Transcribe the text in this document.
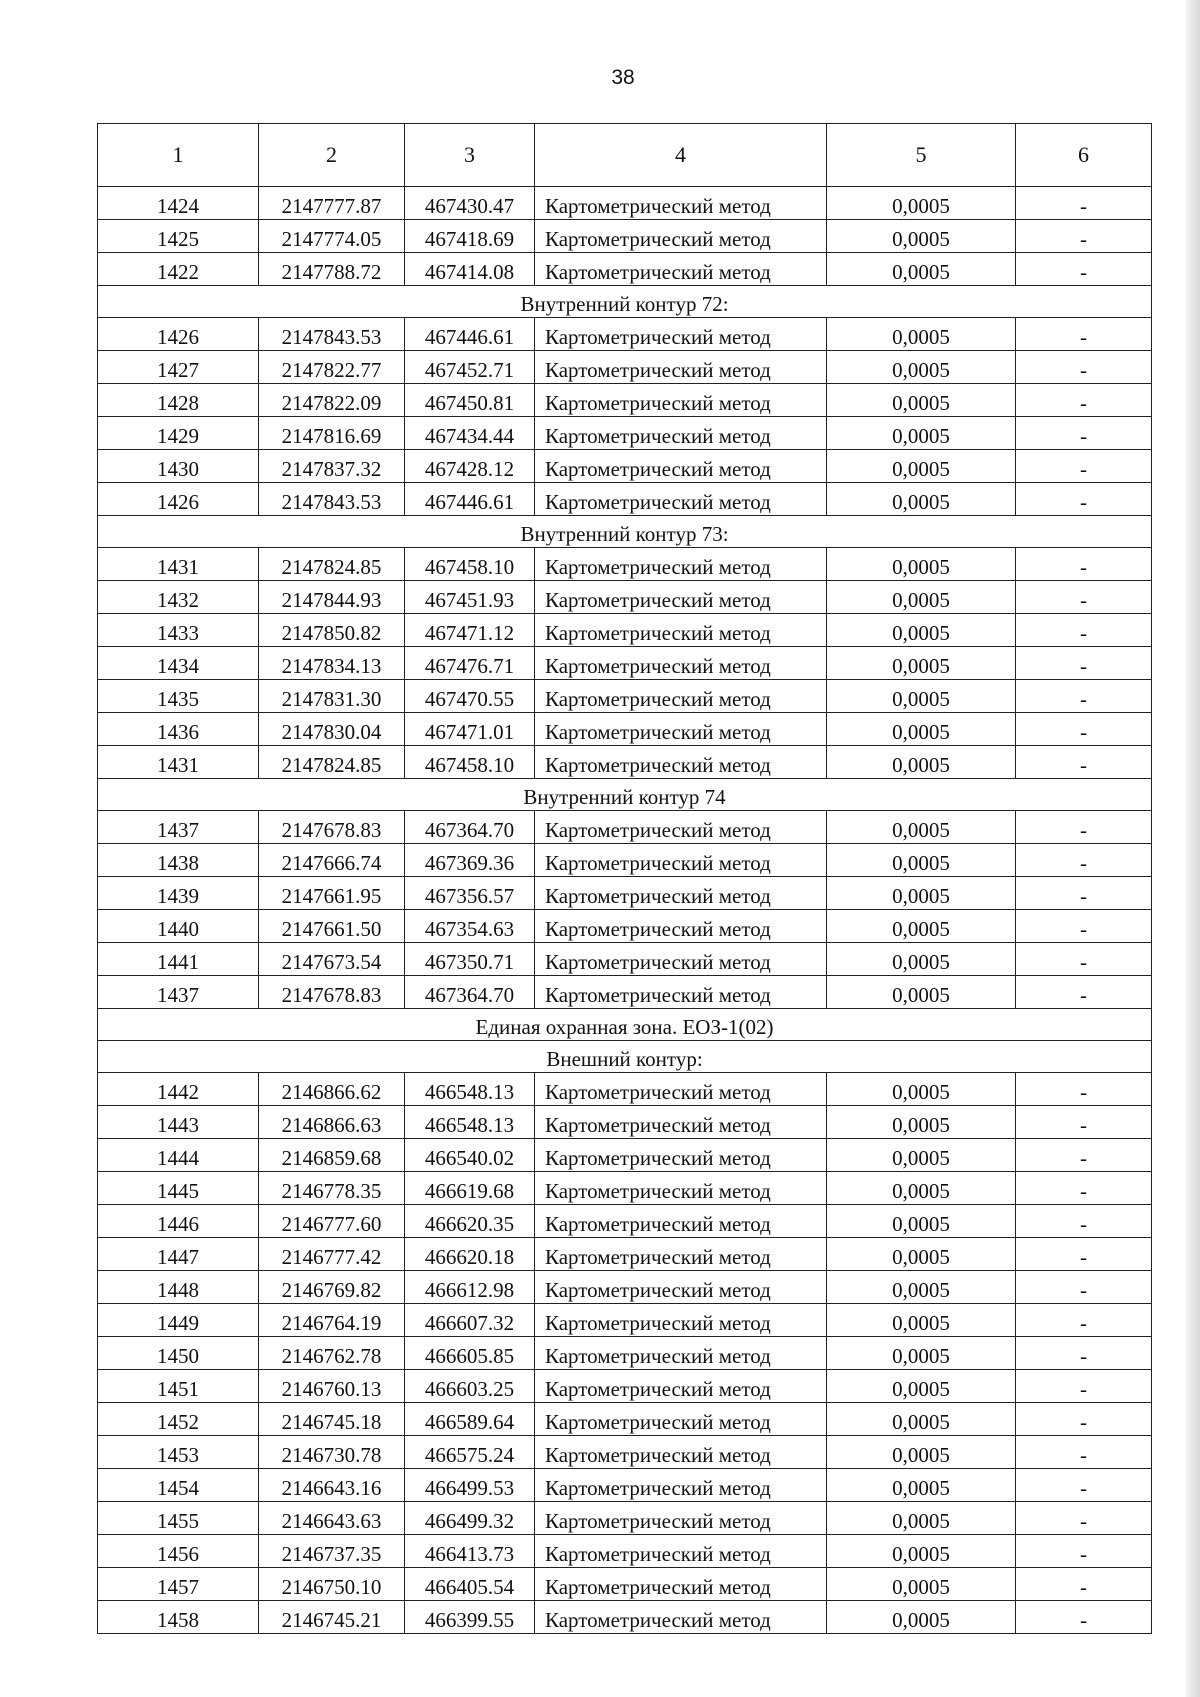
38
1	2	3	4	5	6
1424	2147777.87	467430.47	Картометрический метод	0,0005	-
1425	2147774.05	467418.69	Картометрический метод	0,0005	-
1422	2147788.72	467414.08	Картометрический метод	0,0005	-
Внутренний контур 72:					
1426	2147843.53	467446.61	Картометрический метод	0,0005	-
1427	2147822.77	467452.71	Картометрический метод	0,0005	-
1428	2147822.09	467450.81	Картометрический метод	0,0005	-
1429	2147816.69	467434.44	Картометрический метод	0,0005	-
1430	2147837.32	467428.12	Картометрический метод	0,0005	-
1426	2147843.53	467446.61	Картометрический метод	0,0005	-
Внутренний контур 73:					
1431	2147824.85	467458.10	Картометрический метод	0,0005	-
1432	2147844.93	467451.93	Картометрический метод	0,0005	-
1433	2147850.82	467471.12	Картометрический метод	0,0005	-
1434	2147834.13	467476.71	Картометрический метод	0,0005	-
1435	2147831.30	467470.55	Картометрический метод	0,0005	-
1436	2147830.04	467471.01	Картометрический метод	0,0005	-
1431	2147824.85	467458.10	Картометрический метод	0,0005	-
Внутренний контур 74					
1437	2147678.83	467364.70	Картометрический метод	0,0005	-
1438	2147666.74	467369.36	Картометрический метод	0,0005	-
1439	2147661.95	467356.57	Картометрический метод	0,0005	-
1440	2147661.50	467354.63	Картометрический метод	0,0005	-
1441	2147673.54	467350.71	Картометрический метод	0,0005	-
1437	2147678.83	467364.70	Картометрический метод	0,0005	-
Единая охранная зона. ЕОЗ-1(02)					
Внешний контур:					
1442	2146866.62	466548.13	Картометрический метод	0,0005	-
1443	2146866.63	466548.13	Картометрический метод	0,0005	-
1444	2146859.68	466540.02	Картометрический метод	0,0005	-
1445	2146778.35	466619.68	Картометрический метод	0,0005	-
1446	2146777.60	466620.35	Картометрический метод	0,0005	-
1447	2146777.42	466620.18	Картометрический метод	0,0005	-
1448	2146769.82	466612.98	Картометрический метод	0,0005	-
1449	2146764.19	466607.32	Картометрический метод	0,0005	-
1450	2146762.78	466605.85	Картометрический метод	0,0005	-
1451	2146760.13	466603.25	Картометрический метод	0,0005	-
1452	2146745.18	466589.64	Картометрический метод	0,0005	-
1453	2146730.78	466575.24	Картометрический метод	0,0005	-
1454	2146643.16	466499.53	Картометрический метод	0,0005	-
1455	2146643.63	466499.32	Картометрический метод	0,0005	-
1456	2146737.35	466413.73	Картометрический метод	0,0005	-
1457	2146750.10	466405.54	Картометрический метод	0,0005	-
1458	2146745.21	466399.55	Картометрический метод	0,0005	-
